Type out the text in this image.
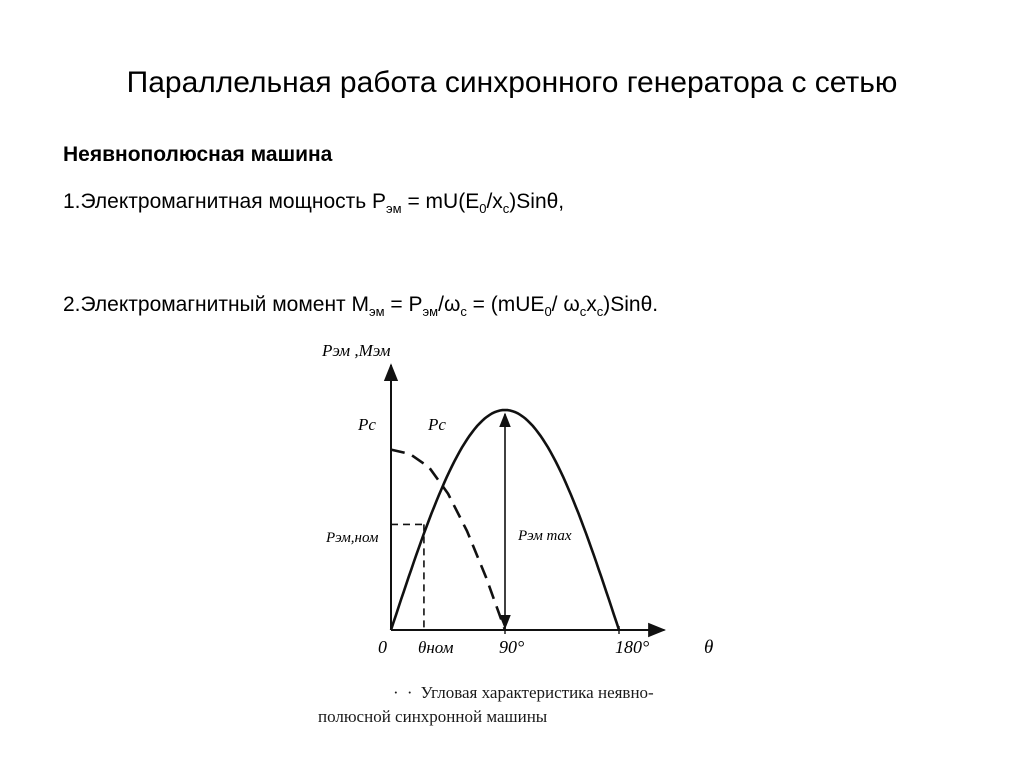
Параллельная работа синхронного генератора с сетью
Неявнополюсная машина
1.Электромагнитная мощность $P_{эм} = mU(E_0/x_c)Sin\theta$,
2.Электромагнитный момент $M_{эм} = P_{эм}/\omega_c = (mUE_0/$ $\omega_cx_c)Sin\theta$.
Pэм ,Mэм
Pc	Pc
Pэм,ном	Pэм max
0 θном	90°	180°	θ
· · Угловая характеристика неявно-
полюсной синхронной машины
